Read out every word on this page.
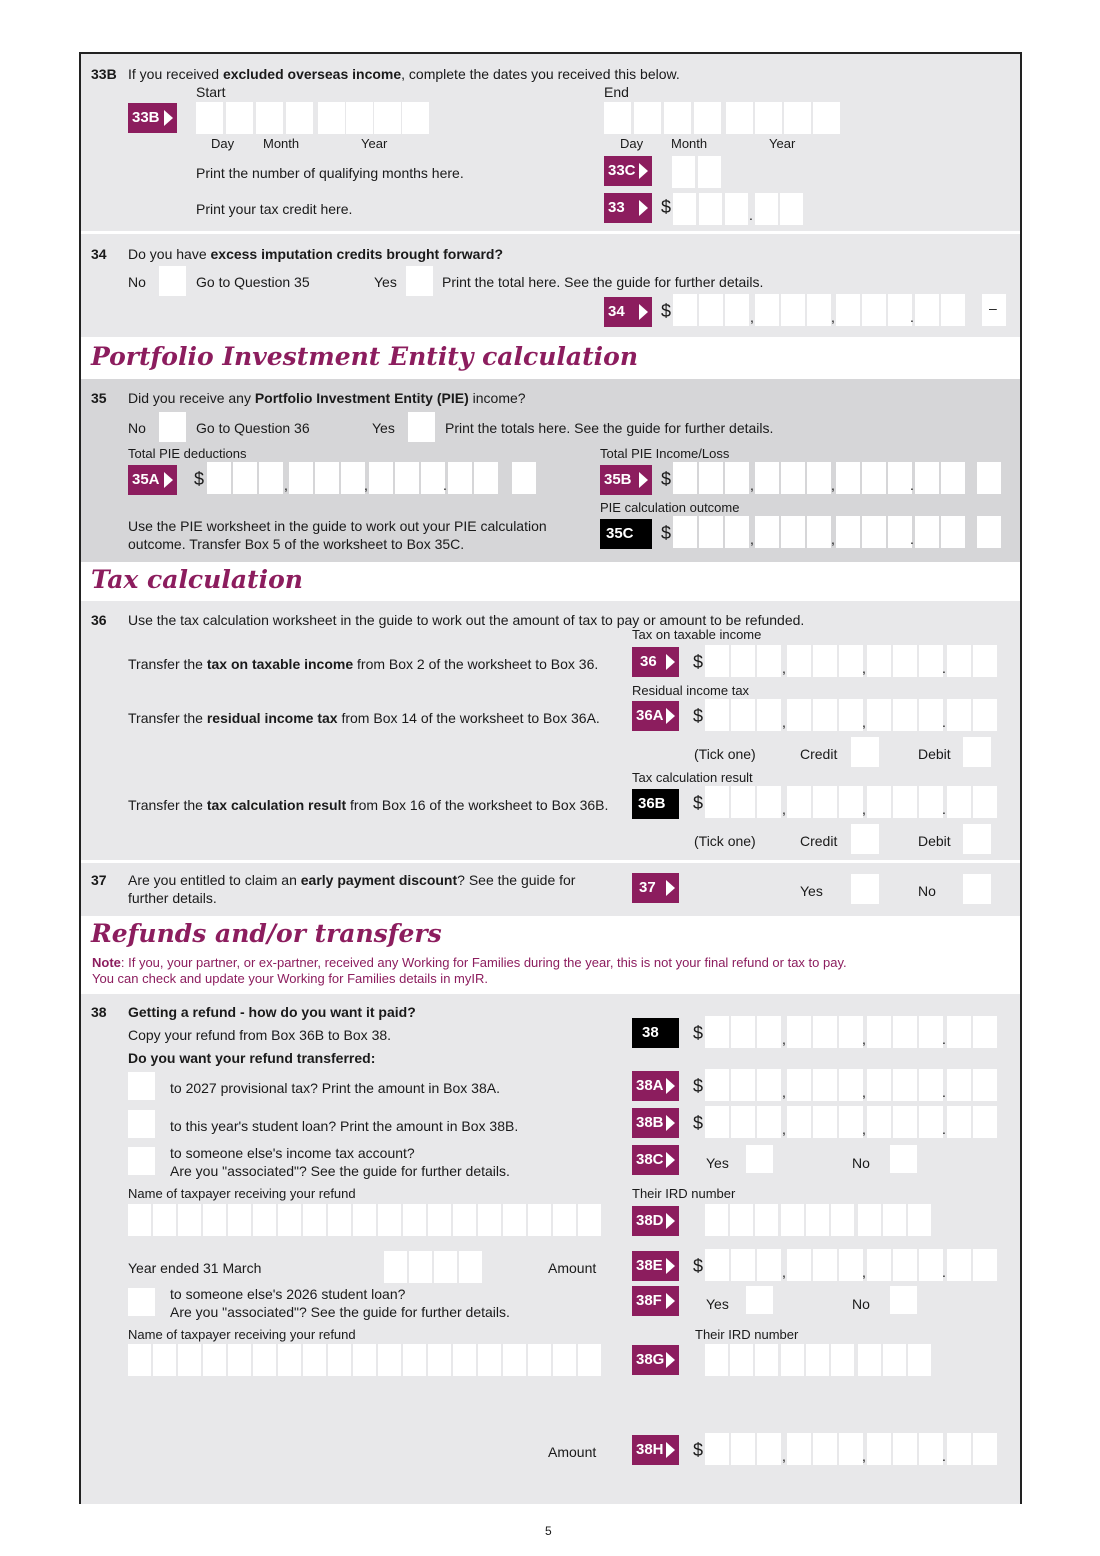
33B If you received excluded overseas income, complete the dates you received this below.
Start	End
33B
Day Month	Year	Day Month	Year
Print the number of qualifying months here.	33C
Print your tax credit here.	33	$	.
34 Do you have excess imputation credits brought forward?
No	Go to Question 35	Yes	Print the total here. See the guide for further details.
34	$	,	,	.
–
Portfolio Investment Entity calculation
35 Did you receive any Portfolio Investment Entity (PIE) income?
No	Go to Question 36	Yes	Print the totals here. See the guide for further details.
Total PIE deductions
35A	$	,	,	.
Total PIE Income/Loss
35B	$	,	,	.
PIE calculation outcome
Use the PIE worksheet in the guide to work out your PIE calculation
outcome. Transfer Box 5 of the worksheet to Box 35C.
35C	$	,	,	.
Tax calculation
36 Use the tax calculation worksheet in the guide to work out the amount of tax to pay or amount to be refunded.
Tax on taxable income
Transfer the tax on taxable income from Box 2 of the worksheet to Box 36.	36	$	,	,	.
Residual income tax
Transfer the residual income tax from Box 14 of the worksheet to Box 36A. 36A	$	,	,	.
(Tick one)	Credit	Debit
Tax calculation result
Transfer the tax calculation result from Box 16 of the worksheet to Box 36B.	36B	$	,	,	.
(Tick one)	Credit	Debit
37 Are you entitled to claim an early payment discount? See the guide for
further details.
37	Yes	No
Refunds and/or transfers
Note: If you, your partner, or ex-partner, received any Working for Families during the year, this is not your final refund or tax to pay.
You can check and update your Working for Families details in myIR.
38 Getting a refund - how do you want it paid?
Copy your refund from Box 36B to Box 38.	38	$	,	,	.
Do you want your refund transferred:
to 2027 provisional tax? Print the amount in Box 38A.	38A	$	,	,	.
to this year's student loan? Print the amount in Box 38B.	38B	$	,	,	.
to someone else's income tax account?
Are you "associated"? See the guide for further details.
38C	Yes	No
Name of taxpayer receiving your refund	Their IRD number
38D
Year ended 31 March	Amount	38E	$	,	,	.
to someone else's 2026 student loan?
Are you "associated"? See the guide for further details.
38F	Yes	No
Name of taxpayer receiving your refund	Their IRD number
38G
Amount	38H	$	,	,	.
5
